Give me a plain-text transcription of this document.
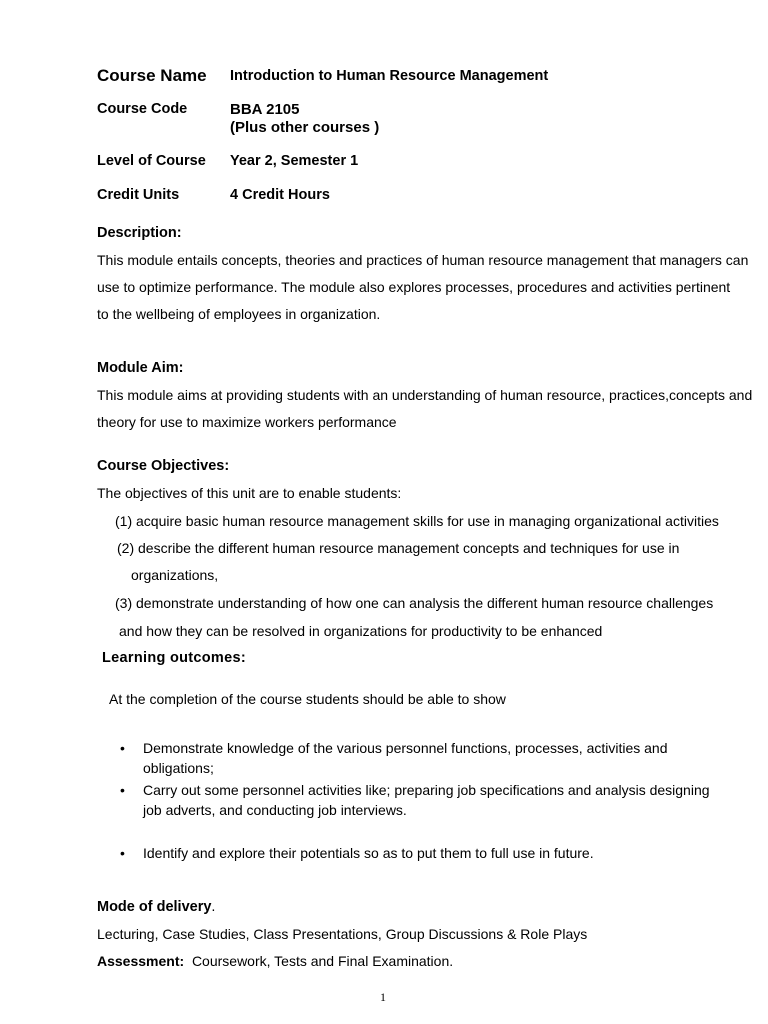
Course Name Introduction to Human Resource Management
Course Code	BBA 2105
(Plus other courses )
Level of Course Year 2, Semester 1
Credit Units	4 Credit Hours
Description:
This module entails concepts, theories and practices of human resource management that managers can
use to optimize performance. The module also explores processes, procedures and activities pertinent
to the wellbeing of employees in organization.
Module Aim:
This module aims at providing students with an understanding of human resource, practices,concepts and
theory for use to maximize workers performance
Course Objectives:
The objectives of this unit are to enable students:
(1) acquire basic human resource management skills for use in managing organizational activities
(2) describe the different human resource management concepts and techniques for use in
organizations,
(3) demonstrate understanding of how one can analysis the different human resource challenges
and how they can be resolved in organizations for productivity to be enhanced
Learning outcomes:
At the completion of the course students should be able to show
• Demonstrate knowledge of the various personnel functions, processes, activities and
obligations;
• Carry out some personnel activities like; preparing job specifications and analysis designing
job adverts, and conducting job interviews.
• Identify and explore their potentials so as to put them to full use in future.
Mode of delivery.
Lecturing, Case Studies, Class Presentations, Group Discussions & Role Plays
Assessment: Coursework, Tests and Final Examination.
1
